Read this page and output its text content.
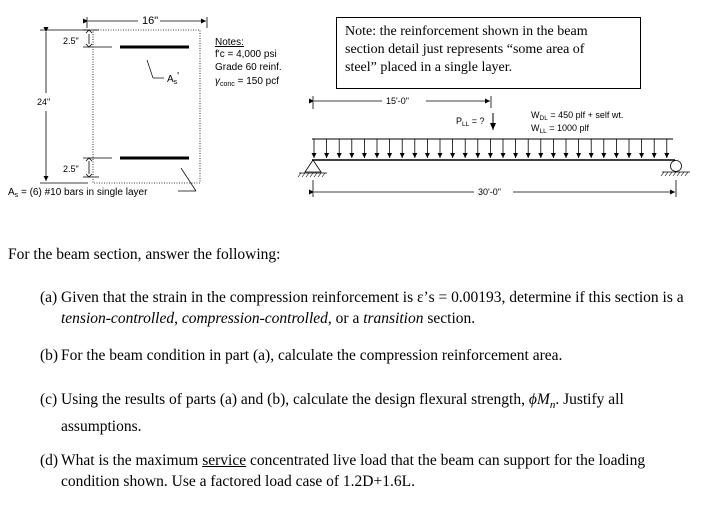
16"
2.5"
2.5"
24"
$A_s'$
$A_s = (6)$ #10 bars in single layer
Notes:
f'c = 4,000 psi
Grade 60 reinf.
$\gamma_{conc} = 150$ pcf
15'-0"
$P_{LL}$ = ?
$W_{DL} = 450$ plf + self wt.
$W_{LL} = 1000$ plf
30'-0"
Note: the reinforcement shown in the beam
section detail just represents “some area of
steel” placed in a single layer.
For the beam section, answer the following:
(a) Given that the strain in the compression reinforcement is ε’s = 0.00193, determine if this section is a tension-controlled, compression-controlled, or a transition section.
(b) For the beam condition in part (a), calculate the compression reinforcement area.
(c) Using the results of parts (a) and (b), calculate the design flexural strength, $\phi M_n$. Justify all assumptions.
(d) What is the maximum service concentrated live load that the beam can support for the loading condition shown. Use a factored load case of 1.2D+1.6L.
